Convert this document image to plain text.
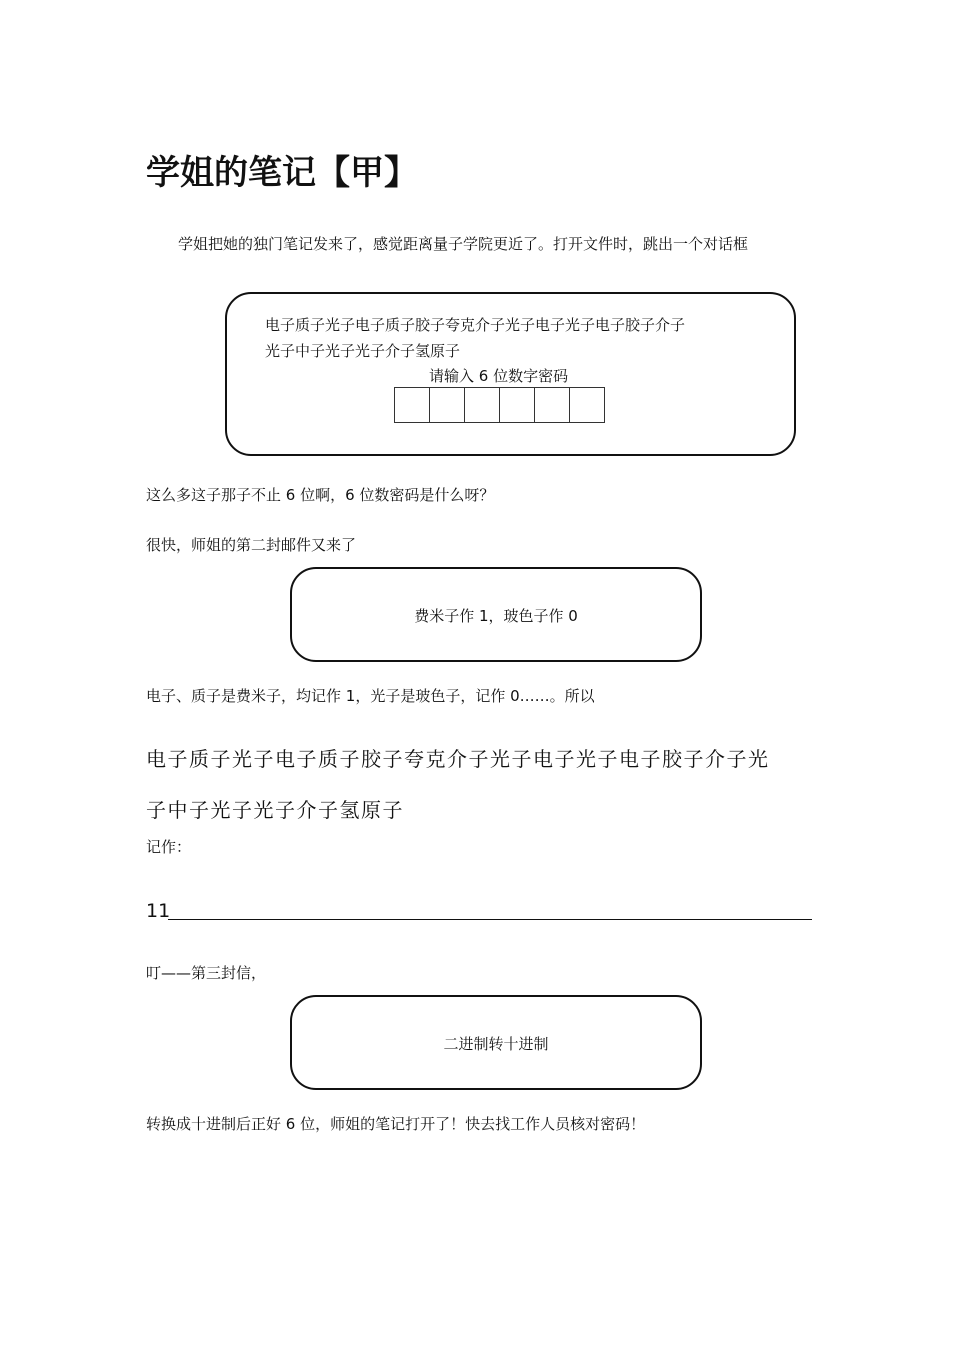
学姐的笔记【甲】
学姐把她的独门笔记发来了，感觉距离量子学院更近了。打开文件时，跳出一个对话框
电子质子光子电子质子胶子夸克介子光子电子光子电子胶子介子
光子中子光子光子介子氢原子
请输入 6 位数字密码
这么多这子那子不止 6 位啊，6 位数密码是什么呀？
很快，师姐的第二封邮件又来了
费米子作 1，玻色子作 0
电子、质子是费米子，均记作 1，光子是玻色子，记作 0……。所以
电子质子光子电子质子胶子夸克介子光子电子光子电子胶子介子光
子中子光子光子介子氢原子
记作：
11
叮——第三封信，
二进制转十进制
转换成十进制后正好 6 位，师姐的笔记打开了！快去找工作人员核对密码！
